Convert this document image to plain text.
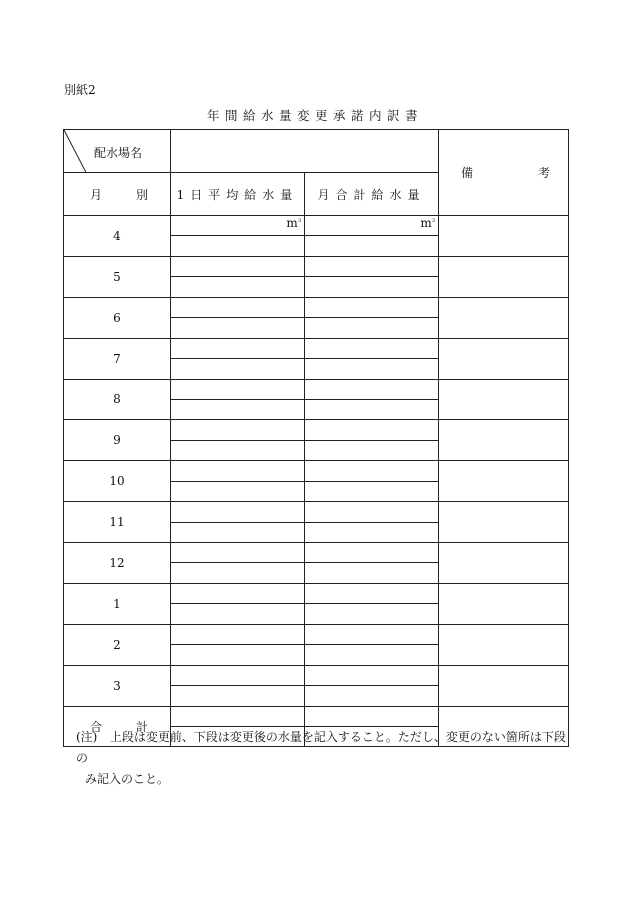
別紙2
年間給水量変更承諾内訳書
配水場名			備 考

月 別	1日平均給水量	月合計給水量	
4	$m^3$	$m^3$	

5			

6			

7			

8			

9			

10			

11			

12			

1			

2			

3			

合 計			

(注) 上段は変更前、下段は変更後の水量を記入すること。ただし、変更のない箇所は下段の
み記入のこと。
